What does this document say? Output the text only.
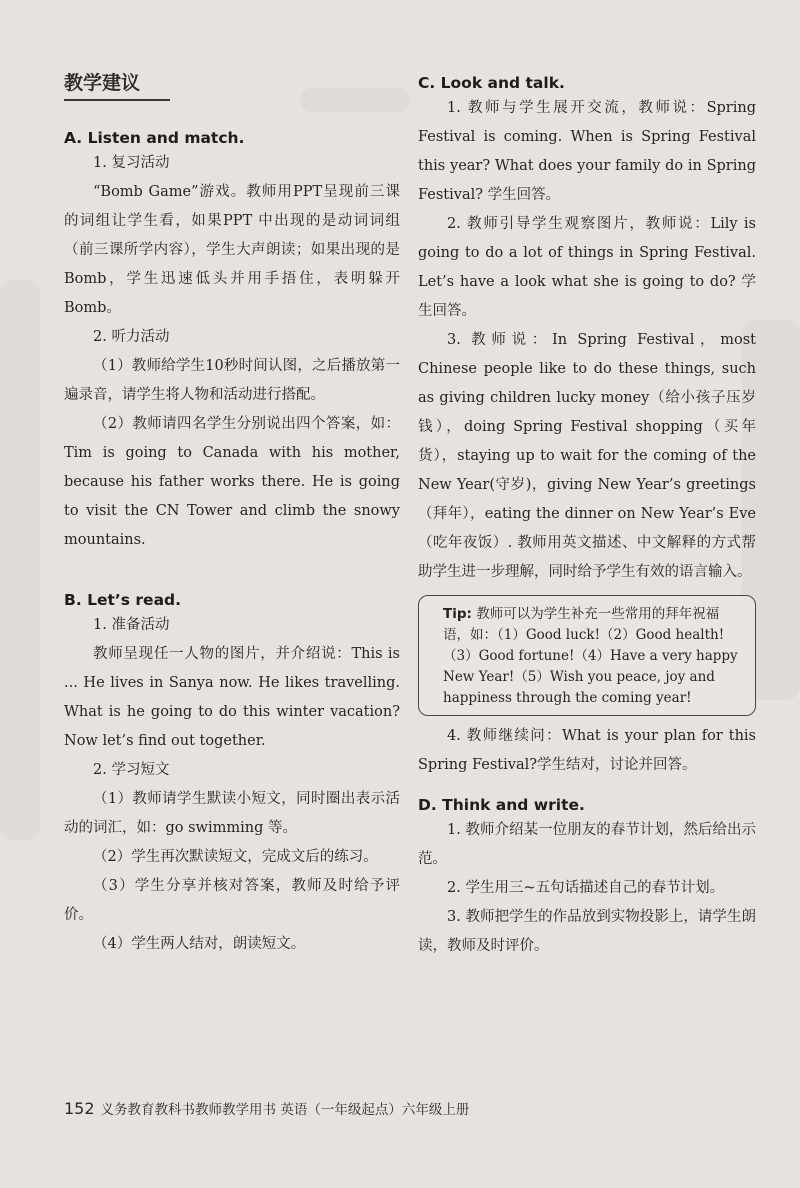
教学建议
A. Listen and match.

1. 复习活动

“Bomb Game”游戏。教师用PPT呈现前三课的词组让学生看，如果PPT 中出现的是动词词组（前三课所学内容），学生大声朗读；如果出现的是Bomb，学生迅速低头并用手捂住，表明躲开Bomb。

2. 听力活动

（1）教师给学生10秒时间认图，之后播放第一遍录音，请学生将人物和活动进行搭配。

（2）教师请四名学生分别说出四个答案，如：Tim is going to Canada with his mother, because his father works there. He is going to visit the CN Tower and climb the snowy mountains.

B. Let’s read.

1. 准备活动

教师呈现任一人物的图片，并介绍说：This is ... He lives in Sanya now. He likes travelling. What is he going to do this winter vacation? Now let’s find out together.

2. 学习短文

（1）教师请学生默读小短文，同时圈出表示活动的词汇，如：go swimming 等。

（2）学生再次默读短文，完成文后的练习。

（3）学生分享并核对答案，教师及时给予评价。

（4）学生两人结对，朗读短文。

C. Look and talk.

1. 教师与学生展开交流，教师说：Spring Festival is coming. When is Spring Festival this year? What does your family do in Spring Festival? 学生回答。

2. 教师引导学生观察图片，教师说：Lily is going to do a lot of things in Spring Festival. Let’s have a look what she is going to do? 学生回答。

3. 教师说：In Spring Festival，most Chinese people like to do these things, such as giving children lucky money（给小孩子压岁钱），doing Spring Festival shopping（买年货），staying up to wait for the coming of the New Year(守岁)，giving New Year’s greetings（拜年），eating the dinner on New Year’s Eve（吃年夜饭）. 教师用英文描述、中文解释的方式帮助学生进一步理解，同时给予学生有效的语言输入。

Tip: 教师可以为学生补充一些常用的拜年祝福语，如：（1）Good luck!（2）Good health!（3）Good fortune!（4）Have a very happy New Year!（5）Wish you peace, joy and happiness through the coming year!

4. 教师继续问：What is your plan for this Spring Festival?学生结对，讨论并回答。

D. Think and write.

1. 教师介绍某一位朋友的春节计划，然后给出示范。

2. 学生用三~五句话描述自己的春节计划。

3. 教师把学生的作品放到实物投影上，请学生朗读，教师及时评价。

152 义务教育教科书教师教学用书 英语（一年级起点）六年级上册
